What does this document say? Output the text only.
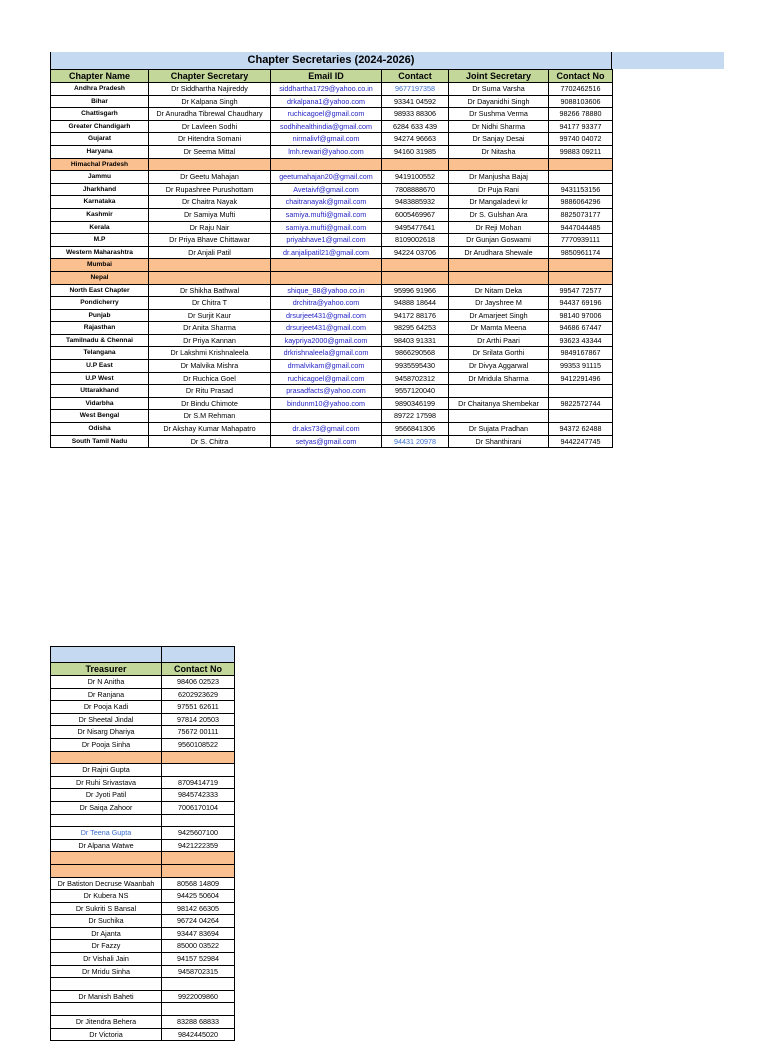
Chapter Secretaries (2024-2026)
Chapter Name	Chapter Secretary	Email ID	Contact	Joint Secretary	Contact No
Andhra Pradesh	Dr Siddhartha Najireddy	siddhartha1729@yahoo.co.in	9677197358	Dr Suma Varsha	7702462516
Bihar	Dr Kalpana Singh	drkalpana1@yahoo.com	93341 04592	Dr Dayanidhi Singh	9088103606
Chattisgarh	Dr Anuradha Tibrewal Chaudhary	ruchicagoel@gmail.com	98933 88306	Dr Sushma Verma	98266 78880
Greater Chandigarh	Dr Lavleen Sodhi	sodhihealthindia@gmail.com	6284 633 439	Dr Nidhi Sharma	94177 93377
Gujarat	Dr Hitendra Somani	nirmalivf@gmail.com	94274 96663	Dr Sanjay Desai	99740 04072
Haryana	Dr Seema Mittal	lmh.rewari@yahoo.com	94160 31985	Dr Nitasha	99883 09211
Himachal Pradesh					
Jammu	Dr Geetu Mahajan	geetumahajan20@gmail.com	9419100552	Dr Manjusha Bajaj	
Jharkhand	Dr Rupashree Purushottam	Avetaivf@gmail.com	7808888670	Dr Puja Rani	9431153156
Karnataka	Dr Chaitra Nayak	chaitranayak@gmail.com	9483885932	Dr Mangaladevi kr	9886064296
Kashmir	Dr Samiya Mufti	samiya.mufti@gmail.com	6005469967	Dr S. Gulshan Ara	8825073177
Kerala	Dr Raju Nair	samiya.mufti@gmail.com	9495477641	Dr Reji Mohan	9447044485
M.P	Dr Priya Bhave Chittawar	priyabhave1@gmail.com	8109002618	Dr Gunjan Goswami	7770939111
Western Maharashtra	Dr Anjali Patil	dr.anjalipatil21@gmail.com	94224 03706	Dr Arudhara Shewale	9850961174
Mumbai					
Nepal					
North East Chapter	Dr Shikha Bathwal	shique_88@yahoo.co.in	95996 91966	Dr Nitam Deka	99547 72577
Pondicherry	Dr Chitra T	drchitra@yahoo.com	94888 18644	Dr Jayshree M	94437 69196
Punjab	Dr Surjit Kaur	drsurjeet431@gmail.com	94172 88176	Dr Amarjeet Singh	98140 97006
Rajasthan	Dr Anita Sharma	drsurjeet431@gmail.com	98295 64253	Dr Mamta Meena	94686 67447
Tamilnadu & Chennai	Dr Priya Kannan	kaypriya2000@gmail.com	98403 91331	Dr Arthi Paari	93623 43344
Telangana	Dr Lakshmi Krishnaleela	drkrishnaleela@gmail.com	9866290568	Dr Srilata Gorthi	9849167867
U.P East	Dr Malvika Mishra	drmalvikam@gmail.com	9935595430	Dr Divya Aggarwal	99353 91115
U.P West	Dr Ruchica Goel	ruchicagoel@gmail.com	9458702312	Dr Mridula Sharma	9412291496
Uttarakhand	Dr Ritu Prasad	prasadfacts@yahoo.com	9557120040		
Vidarbha	Dr Bindu Chimote	bindunm10@yahoo.com	9890346199	Dr Chaitanya Shembekar	9822572744
West Bengal	Dr S.M Rehman		89722 17598		
Odisha	Dr Akshay Kumar Mahapatro	dr.aks73@gmail.com	9566841306	Dr Sujata Pradhan	94372 62488
South Tamil Nadu	Dr S. Chitra	setyas@gmail.com	94431 20978	Dr Shanthirani	9442247745

Treasurer	Contact No
Dr N Anitha	98406 02523
Dr Ranjana	6202923629
Dr Pooja Kadi	97551 62611
Dr Sheetal Jindal	97814 20503
Dr Nisarg Dhariya	75672 00111
Dr Pooja Sinha	9560108522

Dr Rajni Gupta	
Dr Ruhi Srivastava	8709414719
Dr Jyoti Patil	9845742333
Dr Saiqa Zahoor	7006170104

Dr Teena Gupta	9425607100
Dr Alpana Watwe	9421222359

Dr Batiston Decruse Waanbah	80568 14809
Dr Kubera NS	94425 50604
Dr Sukriti S Bansal	98142 66305
Dr Suchika	96724 04264
Dr Ajanta	93447 83694
Dr Fazzy	85000 03522
Dr Vishali Jain	94157 52984
Dr Mridu Sinha	9458702315

Dr Manish Baheti	9922009860

Dr Jitendra Behera	83288 68833
Dr Victoria	9842445020
